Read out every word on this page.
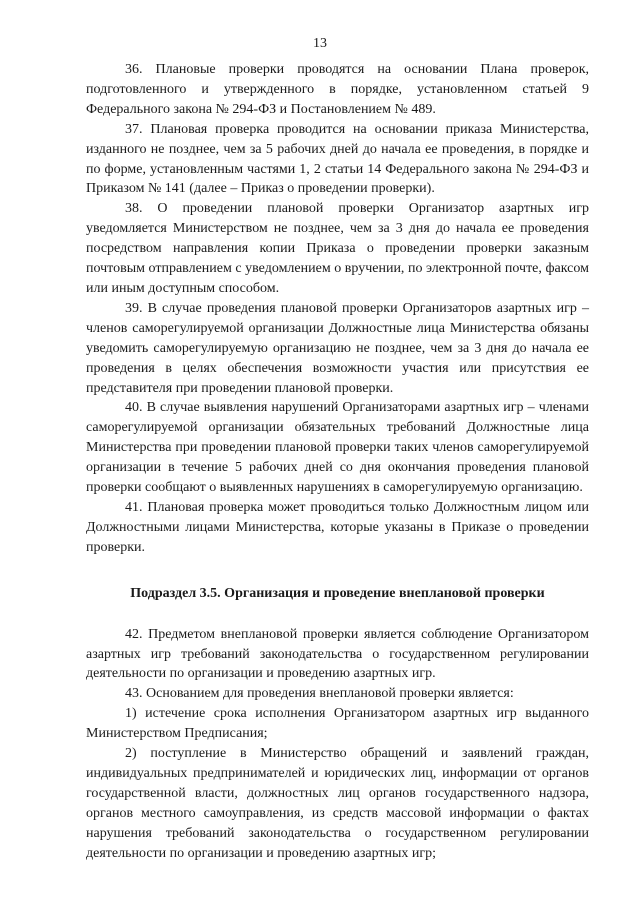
13

36. Плановые проверки проводятся на основании Плана проверок, подготовленного и утвержденного в порядке, установленном статьей 9 Федерального закона № 294-ФЗ и Постановлением № 489.

37. Плановая проверка проводится на основании приказа Министерства, изданного не позднее, чем за 5 рабочих дней до начала ее проведения, в порядке и по форме, установленным частями 1, 2 статьи 14 Федерального закона № 294-ФЗ и Приказом № 141 (далее – Приказ о проведении проверки).

38. О проведении плановой проверки Организатор азартных игр уведомляется Министерством не позднее, чем за 3 дня до начала ее проведения посредством направления копии Приказа о проведении проверки заказным почтовым отправлением с уведомлением о вручении, по электронной почте, факсом или иным доступным способом.

39. В случае проведения плановой проверки Организаторов азартных игр – членов саморегулируемой организации Должностные лица Министерства обязаны уведомить саморегулируемую организацию не позднее, чем за 3 дня до начала ее проведения в целях обеспечения возможности участия или присутствия ее представителя при проведении плановой проверки.

40. В случае выявления нарушений Организаторами азартных игр – членами саморегулируемой организации обязательных требований Должностные лица Министерства при проведении плановой проверки таких членов саморегулируемой организации в течение 5 рабочих дней со дня окончания проведения плановой проверки сообщают о выявленных нарушениях в саморегулируемую организацию.

41. Плановая проверка может проводиться только Должностным лицом или Должностными лицами Министерства, которые указаны в Приказе о проведении проверки.

Подраздел 3.5. Организация и проведение внеплановой проверки

42. Предметом внеплановой проверки является соблюдение Организатором азартных игр требований законодательства о государственном регулировании деятельности по организации и проведению азартных игр.

43. Основанием для проведения внеплановой проверки является:

1) истечение срока исполнения Организатором азартных игр выданного Министерством Предписания;

2) поступление в Министерство обращений и заявлений граждан, индивидуальных предпринимателей и юридических лиц, информации от органов государственной власти, должностных лиц органов государственного надзора, органов местного самоуправления, из средств массовой информации о фактах нарушения требований законодательства о государственном регулировании деятельности по организации и проведению азартных игр;
